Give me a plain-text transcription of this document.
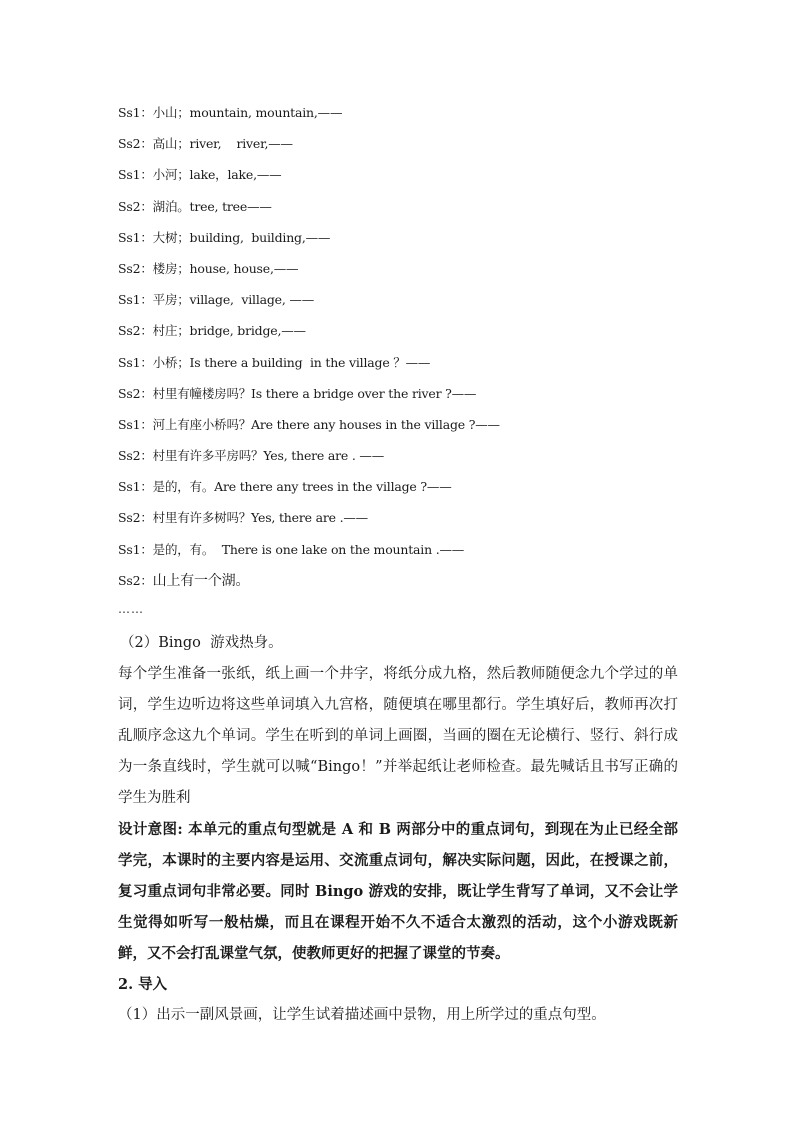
Ss1：小山；mountain, mountain,——
Ss2：高山；river,    river,——
Ss1：小河；lake，lake,——
Ss2：湖泊。tree, tree——
Ss1：大树；building,  building,——
Ss2：楼房；house, house,——
Ss1：平房；village,  village, ——
Ss2：村庄；bridge, bridge,——
Ss1：小桥；Is there a building  in the village ？——
Ss2：村里有幢楼房吗？Is there a bridge over the river ?——
Ss1：河上有座小桥吗？Are there any houses in the village ?——
Ss2：村里有许多平房吗？Yes, there are . ——
Ss1：是的，有。Are there any trees in the village ?——
Ss2：村里有许多树吗？Yes, there are .——
Ss1：是的，有。  There is one lake on the mountain .——
Ss2：山上有一个湖。
……

（2）Bingo  游戏热身。

每个学生准备一张纸，纸上画一个井字，将纸分成九格，然后教师随便念九个学过的单词，学生边听边将这些单词填入九宫格，随便填在哪里都行。学生填好后，教师再次打乱顺序念这九个单词。学生在听到的单词上画圈，当画的圈在无论横行、竖行、斜行成为一条直线时，学生就可以喊“Bingo！”并举起纸让老师检查。最先喊话且书写正确的学生为胜利

设计意图: 本单元的重点句型就是 A 和 B 两部分中的重点词句，到现在为止已经全部学完，本课时的主要内容是运用、交流重点词句，解决实际问题，因此，在授课之前，复习重点词句非常必要。同时 Bingo 游戏的安排，既让学生背写了单词，又不会让学生觉得如听写一般枯燥，而且在课程开始不久不适合太激烈的活动，这个小游戏既新鲜，又不会打乱课堂气氛，使教师更好的把握了课堂的节奏。

2. 导入

（1）出示一副风景画，让学生试着描述画中景物，用上所学过的重点句型。
